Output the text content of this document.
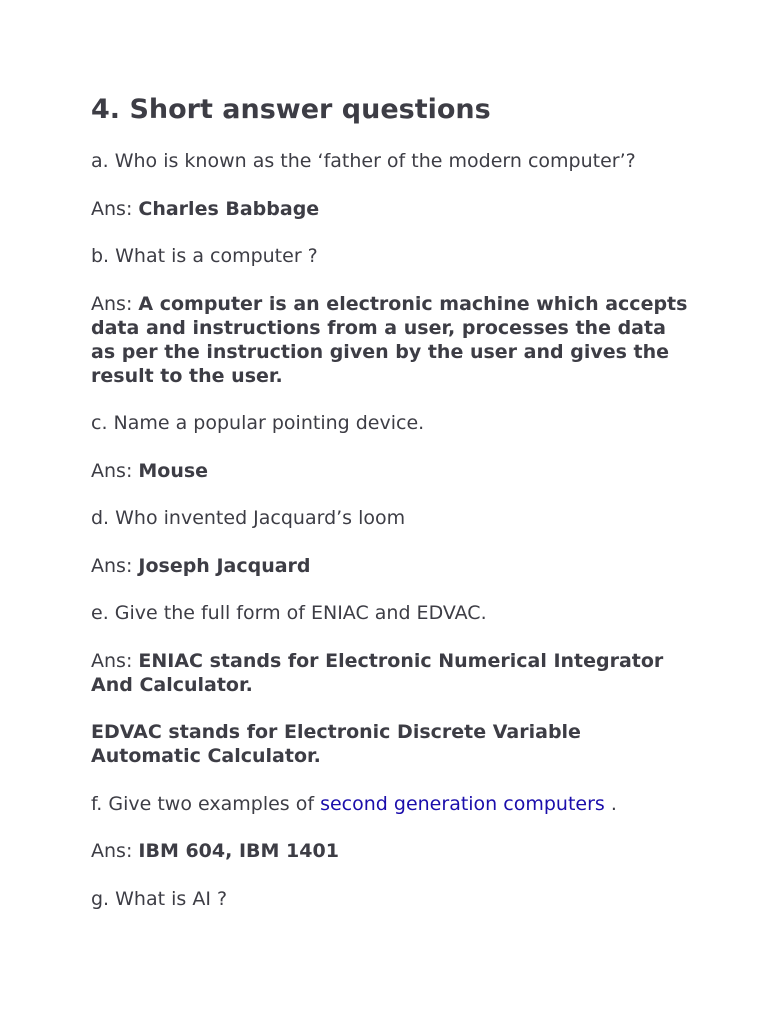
4. Short answer questions

a. Who is known as the ‘father of the modern computer’?

Ans: Charles Babbage

b. What is a computer ?

Ans: A computer is an electronic machine which accepts data and instructions from a user, processes the data as per the instruction given by the user and gives the result to the user.

c. Name a popular pointing device.

Ans: Mouse

d. Who invented Jacquard’s loom

Ans: Joseph Jacquard

e. Give the full form of ENIAC and EDVAC.

Ans: ENIAC stands for Electronic Numerical Integrator And Calculator.

EDVAC stands for Electronic Discrete Variable Automatic Calculator.

f. Give two examples of second generation computers .

Ans: IBM 604, IBM 1401

g. What is AI ?
